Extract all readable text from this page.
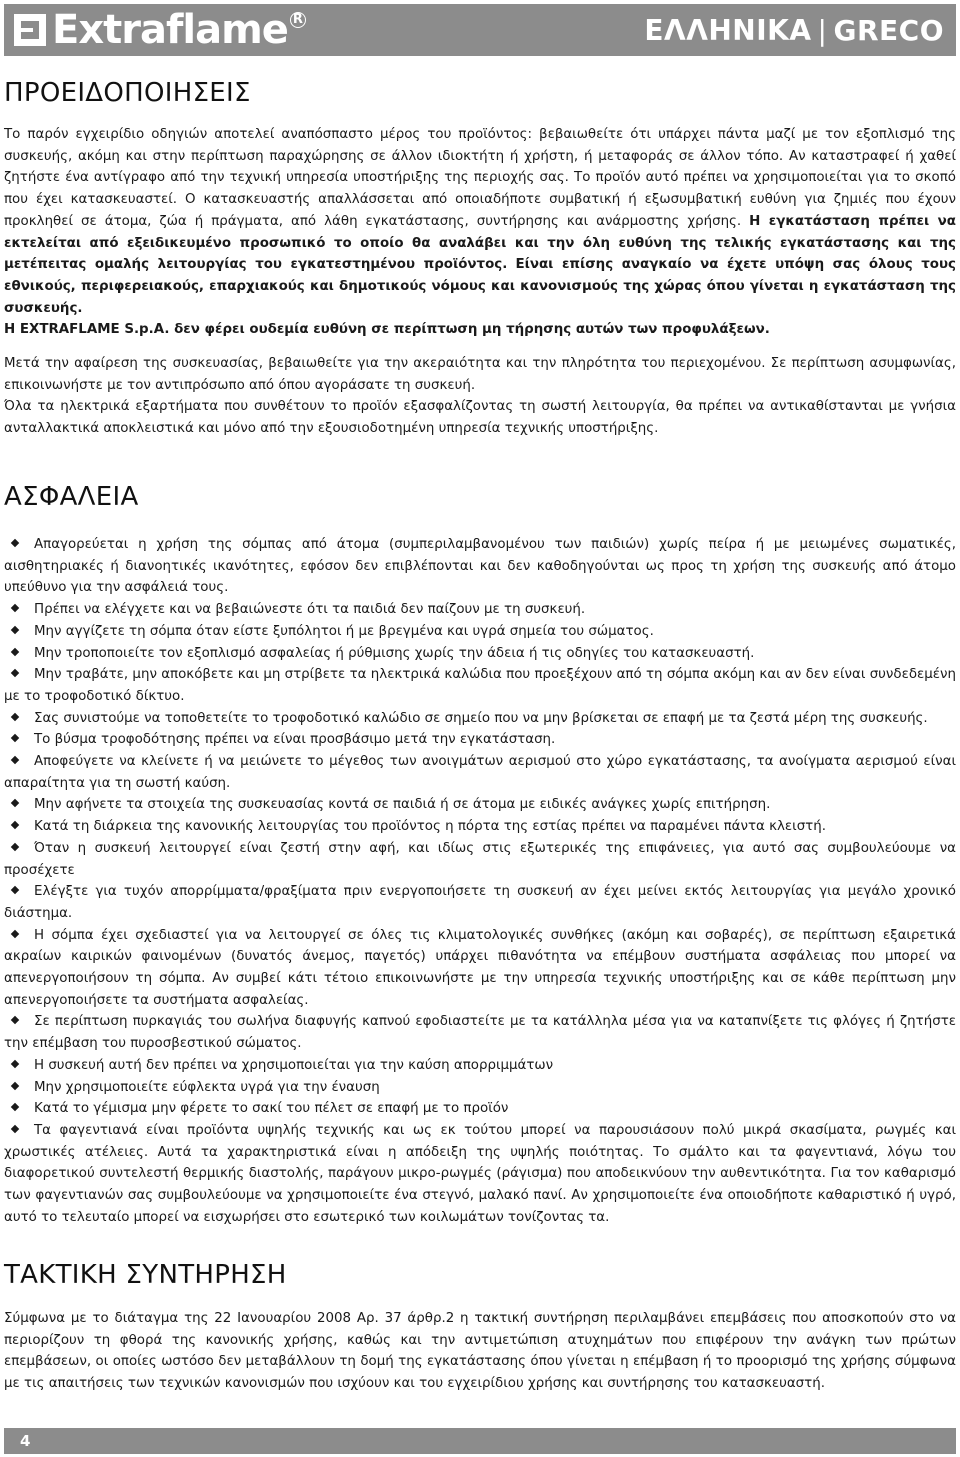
Extraflame R	ΕΛΛΗΝΙΚΑ | GRECO
ΠΡΟΕΙΔΟΠΟΙΗΣΕΙΣ

Το παρόν εγχειρίδιο οδηγιών αποτελεί αναπόσπαστο μέρος του προϊόντος: βεβαιωθείτε ότι υπάρχει πάντα μαζί με τον εξοπλισμό της συσκευής, ακόμη και στην περίπτωση παραχώρησης σε άλλον ιδιοκτήτη ή χρήστη, ή μεταφοράς σε άλλον τόπο. Αν καταστραφεί ή χαθεί ζητήστε ένα αντίγραφο από την τεχνική υπηρεσία υποστήριξης της περιοχής σας. Το προϊόν αυτό πρέπει να χρησιμοποιείται για το σκοπό που έχει κατασκευαστεί. Ο κατασκευαστής απαλλάσσεται από οποιαδήποτε συμβατική ή εξωσυμβατική ευθύνη για ζημιές που έχουν προκληθεί σε άτομα, ζώα ή πράγματα, από λάθη εγκατάστασης, συντήρησης και ανάρμοστης χρήσης. Η εγκατάσταση πρέπει να εκτελείται από εξειδικευμένο προσωπικό το οποίο θα αναλάβει και την όλη ευθύνη της τελικής εγκατάστασης και της μετέπειτας ομαλής λειτουργίας του εγκατεστημένου προϊόντος. Είναι επίσης αναγκαίο να έχετε υπόψη σας όλους τους εθνικούς, περιφερειακούς, επαρχιακούς και δημοτικούς νόμους και κανονισμούς της χώρας όπου γίνεται η εγκατάσταση της συσκευής.
Η EXTRAFLAME S.p.A. δεν φέρει ουδεμία ευθύνη σε περίπτωση μη τήρησης αυτών των προφυλάξεων.

Μετά την αφαίρεση της συσκευασίας, βεβαιωθείτε για την ακεραιότητα και την πληρότητα του περιεχομένου. Σε περίπτωση ασυμφωνίας, επικοινωνήστε με τον αντιπρόσωπο από όπου αγοράσατε τη συσκευή.

Όλα τα ηλεκτρικά εξαρτήματα που συνθέτουν το προϊόν εξασφαλίζοντας τη σωστή λειτουργία, θα πρέπει να αντικαθίστανται με γνήσια ανταλλακτικά αποκλειστικά και μόνο από την εξουσιοδοτημένη υπηρεσία τεχνικής υποστήριξης.

ΑΣΦΑΛΕΙΑ
Απαγορεύεται η χρήση της σόμπας από άτομα (συμπεριλαμβανομένου των παιδιών) χωρίς πείρα ή με μειωμένες σωματικές, αισθητηριακές ή διανοητικές ικανότητες, εφόσον δεν επιβλέπονται και δεν καθοδηγούνται ως προς τη χρήση της συσκευής από άτομο υπεύθυνο για την ασφάλειά τους.
Πρέπει να ελέγχετε και να βεβαιώνεστε ότι τα παιδιά δεν παίζουν με τη συσκευή.
Μην αγγίζετε τη σόμπα όταν είστε ξυπόλητοι ή με βρεγμένα και υγρά σημεία του σώματος.
Μην τροποποιείτε τον εξοπλισμό ασφαλείας ή ρύθμισης χωρίς την άδεια ή τις οδηγίες του κατασκευαστή.
Μην τραβάτε, μην αποκόβετε και μη στρίβετε τα ηλεκτρικά καλώδια που προεξέχουν από τη σόμπα ακόμη και αν δεν είναι συνδεδεμένη με το τροφοδοτικό δίκτυο.
Σας συνιστούμε να τοποθετείτε το τροφοδοτικό καλώδιο σε σημείο που να μην βρίσκεται σε επαφή με τα ζεστά μέρη της συσκευής.
Το βύσμα τροφοδότησης πρέπει να είναι προσβάσιμο μετά την εγκατάσταση.
Αποφεύγετε να κλείνετε ή να μειώνετε το μέγεθος των ανοιγμάτων αερισμού στο χώρο εγκατάστασης, τα ανοίγματα αερισμού είναι απαραίτητα για τη σωστή καύση.
Μην αφήνετε τα στοιχεία της συσκευασίας κοντά σε παιδιά ή σε άτομα με ειδικές ανάγκες χωρίς επιτήρηση.
Κατά τη διάρκεια της κανονικής λειτουργίας του προϊόντος η πόρτα της εστίας πρέπει να παραμένει πάντα κλειστή.
Όταν η συσκευή λειτουργεί είναι ζεστή στην αφή, και ιδίως στις εξωτερικές της επιφάνειες, για αυτό σας συμβουλεύουμε να προσέχετε
Ελέγξτε για τυχόν απορρίμματα/φραξίματα πριν ενεργοποιήσετε τη συσκευή αν έχει μείνει εκτός λειτουργίας για μεγάλο χρονικό διάστημα.
Η σόμπα έχει σχεδιαστεί για να λειτουργεί σε όλες τις κλιματολογικές συνθήκες (ακόμη και σοβαρές), σε περίπτωση εξαιρετικά ακραίων καιρικών φαινομένων (δυνατός άνεμος, παγετός) υπάρχει πιθανότητα να επέμβουν συστήματα ασφάλειας που μπορεί να απενεργοποιήσουν τη σόμπα. Αν συμβεί κάτι τέτοιο επικοινωνήστε με την υπηρεσία τεχνικής υποστήριξης και σε κάθε περίπτωση μην απενεργοποιήσετε τα συστήματα ασφαλείας.
Σε περίπτωση πυρκαγιάς του σωλήνα διαφυγής καπνού εφοδιαστείτε με τα κατάλληλα μέσα για να καταπνίξετε τις φλόγες ή ζητήστε την επέμβαση του πυροσβεστικού σώματος.
Η συσκευή αυτή δεν πρέπει να χρησιμοποιείται για την καύση απορριμμάτων
Μην χρησιμοποιείτε εύφλεκτα υγρά για την έναυση
Κατά το γέμισμα μην φέρετε το σακί του πέλετ σε επαφή με το προϊόν
Τα φαγεντιανά είναι προϊόντα υψηλής τεχνικής και ως εκ τούτου μπορεί να παρουσιάσουν πολύ μικρά σκασίματα, ρωγμές και χρωστικές ατέλειες. Αυτά τα χαρακτηριστικά είναι η απόδειξη της υψηλής ποιότητας. Το σμάλτο και τα φαγεντιανά, λόγω του διαφορετικού συντελεστή θερμικής διαστολής, παράγουν μικρο-ρωγμές (ράγισμα) που αποδεικνύουν την αυθεντικότητα. Για τον καθαρισμό των φαγεντιανών σας συμβουλεύουμε να χρησιμοποιείτε ένα στεγνό, μαλακό πανί. Αν χρησιμοποιείτε ένα οποιοδήποτε καθαριστικό ή υγρό, αυτό το τελευταίο μπορεί να εισχωρήσει στο εσωτερικό των κοιλωμάτων τονίζοντας τα.
ΤΑΚΤΙΚΗ ΣΥΝΤΗΡΗΣΗ

Σύμφωνα με το διάταγμα της 22 Ιανουαρίου 2008 Αρ. 37 άρθρ.2 η τακτική συντήρηση περιλαμβάνει επεμβάσεις που αποσκοπούν στο να περιορίζουν τη φθορά της κανονικής χρήσης, καθώς και την αντιμετώπιση ατυχημάτων που επιφέρουν την ανάγκη των πρώτων επεμβάσεων, οι οποίες ωστόσο δεν μεταβάλλουν τη δομή της εγκατάστασης όπου γίνεται η επέμβαση ή το προορισμό της χρήσης σύμφωνα με τις απαιτήσεις των τεχνικών κανονισμών που ισχύουν και του εγχειρίδιου χρήσης και συντήρησης του κατασκευαστή.

4
